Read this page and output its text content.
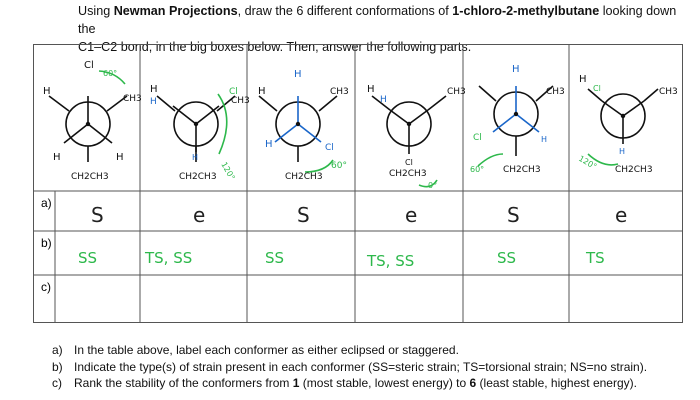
Using Newman Projections, draw the 6 different conformations of 1-chloro-2-methylbutane looking down the
C1–C2 bond, in the big boxes below. Then, answer the following parts.
a)
b)
c)
Cl
H
CH3
H	H
CH2CH3
60°
H	Cl
CH3
H
H
CH2CH3 120°
H
H	Cl
CH3
H
CH2CH3
60°
H	CH3
Cl
H
CH2CH3
0°
H
CH3
H
Cl
CH2CH3
60°
H
Cl	CH3
H
CH2CH3
120°
S	e	S	e	S	e
SS	TS, SS	SS	TS, SS	SS	TS
a) In the table above, label each conformer as either eclipsed or staggered.
b) Indicate the type(s) of strain present in each conformer (SS=steric strain; TS=torsional strain; NS=no strain).
c)	Rank the stability of the conformers from 1 (most stable, lowest energy) to 6 (least stable, highest energy).
